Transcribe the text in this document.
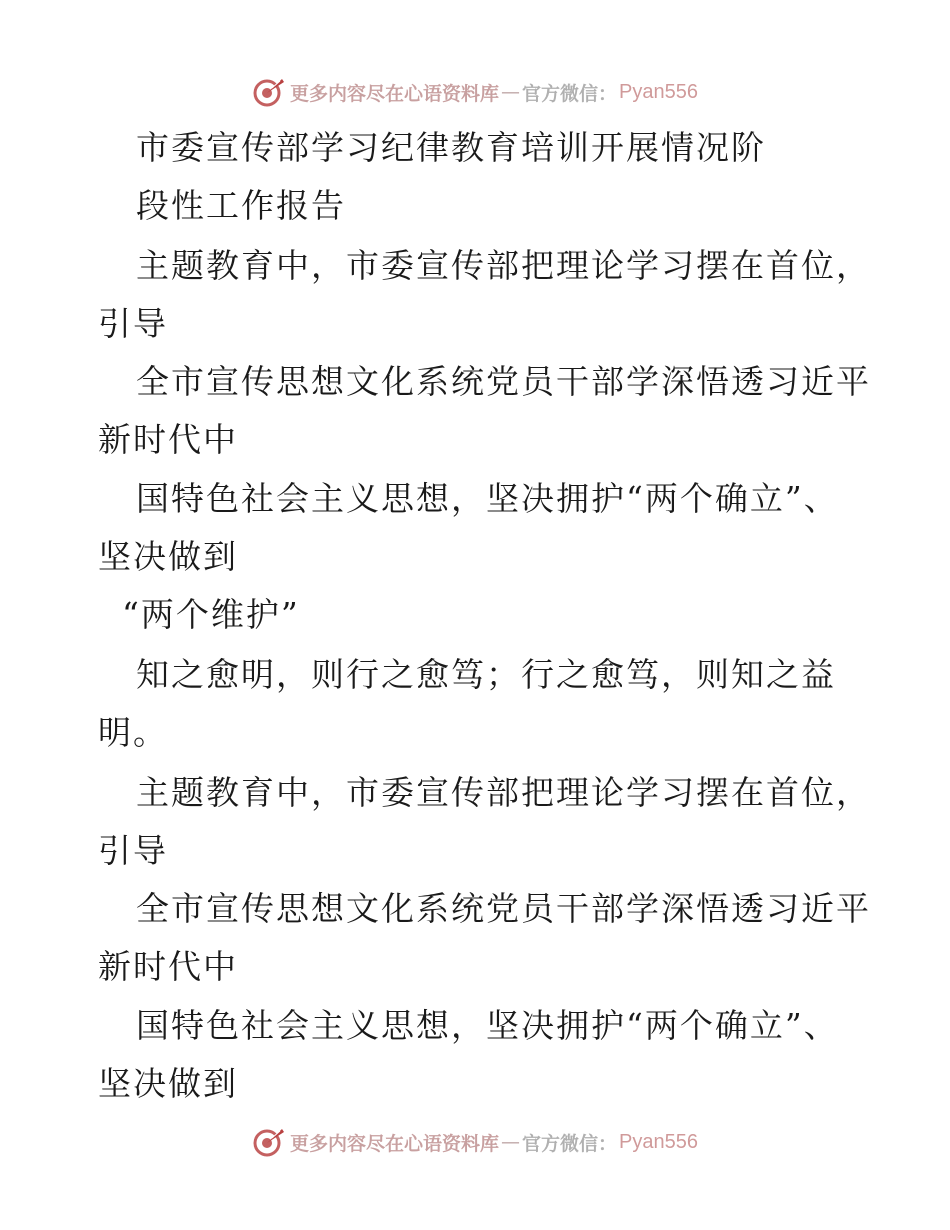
更多内容尽在心语资料库 — 官方微信： Pyan556
市委宣传部学习纪律教育培训开展情况阶
段性工作报告
主题教育中，市委宣传部把理论学习摆在首位，
引导
全市宣传思想文化系统党员干部学深悟透习近平
新时代中
国特色社会主义思想，坚决拥护“两个确立”、
坚决做到
“两个维护”
知之愈明，则行之愈笃；行之愈笃，则知之益
明。
主题教育中，市委宣传部把理论学习摆在首位，
引导
全市宣传思想文化系统党员干部学深悟透习近平
新时代中
国特色社会主义思想，坚决拥护“两个确立”、
坚决做到
更多内容尽在心语资料库 — 官方微信： Pyan556
